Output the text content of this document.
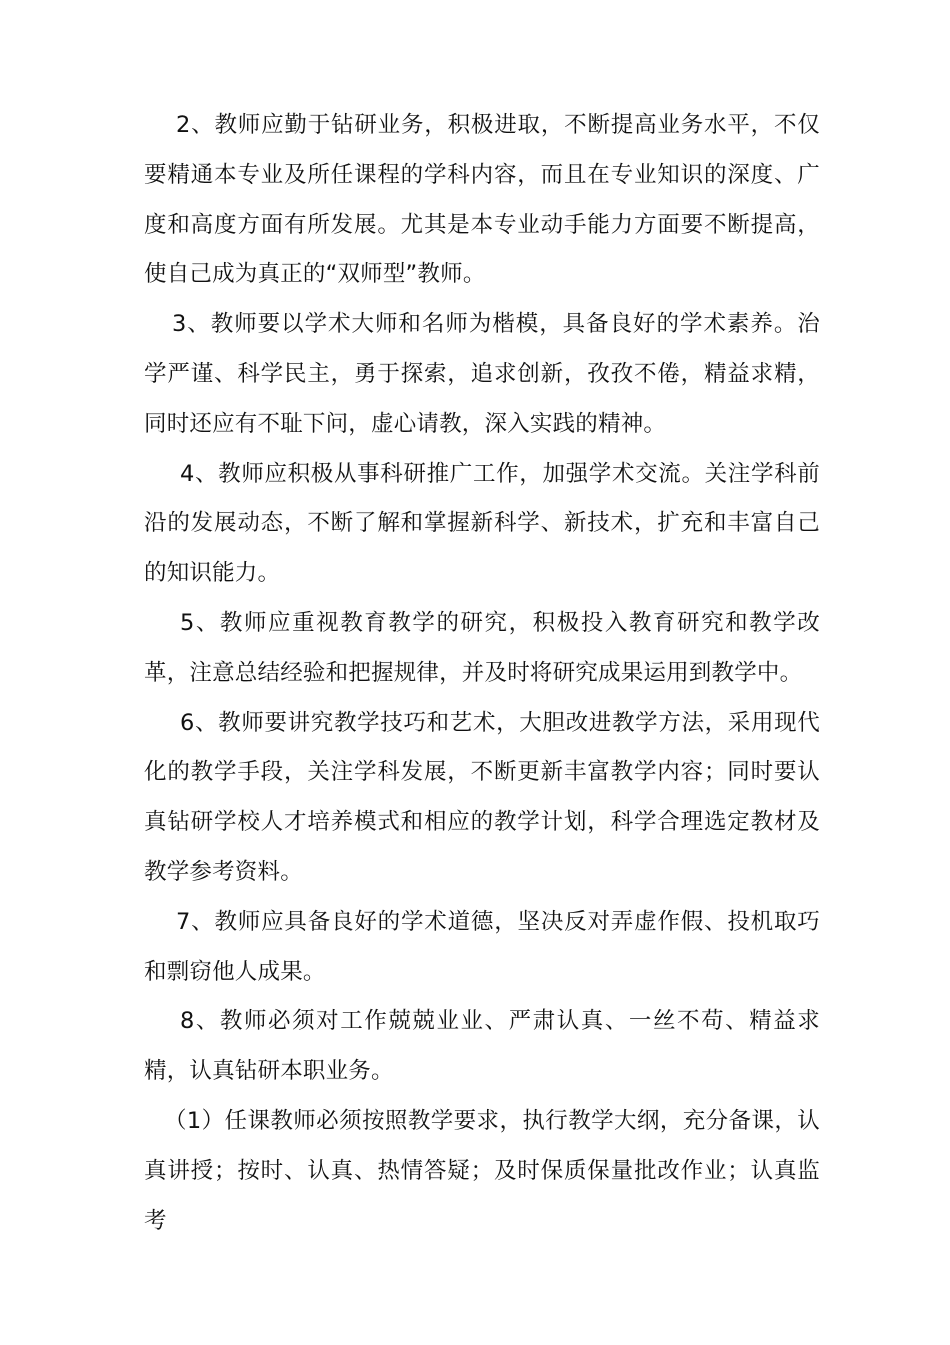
2、教师应勤于钻研业务，积极进取，不断提高业务水平，不仅要精通本专业及所任课程的学科内容，而且在专业知识的深度、广度和高度方面有所发展。尤其是本专业动手能力方面要不断提高，使自己成为真正的“双师型”教师。

3、教师要以学术大师和名师为楷模，具备良好的学术素养。治学严谨、科学民主，勇于探索，追求创新，孜孜不倦，精益求精，同时还应有不耻下问，虚心请教，深入实践的精神。

4、教师应积极从事科研推广工作，加强学术交流。关注学科前沿的发展动态，不断了解和掌握新科学、新技术，扩充和丰富自己的知识能力。

5、教师应重视教育教学的研究，积极投入教育研究和教学改革，注意总结经验和把握规律，并及时将研究成果运用到教学中。

6、教师要讲究教学技巧和艺术，大胆改进教学方法，采用现代化的教学手段，关注学科发展，不断更新丰富教学内容；同时要认真钻研学校人才培养模式和相应的教学计划，科学合理选定教材及教学参考资料。

7、教师应具备良好的学术道德，坚决反对弄虚作假、投机取巧和剽窃他人成果。

8、教师必须对工作兢兢业业、严肃认真、一丝不苟、精益求精，认真钻研本职业务。

（1）任课教师必须按照教学要求，执行教学大纲，充分备课，认真讲授；按时、认真、热情答疑；及时保质保量批改作业；认真监考
